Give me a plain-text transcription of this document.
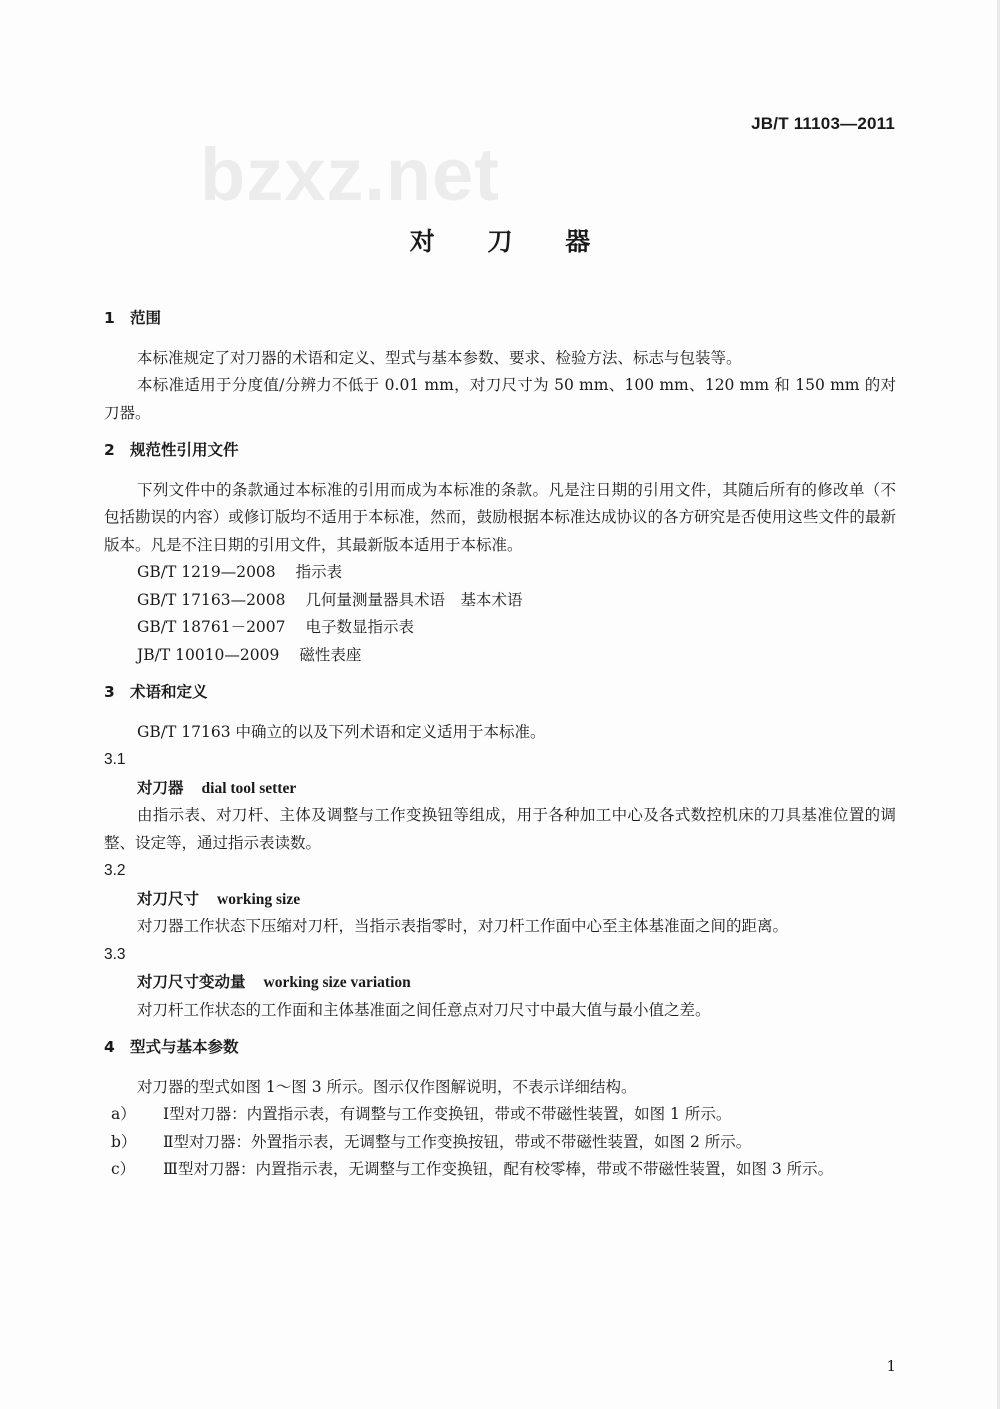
JB/T 11103—2011
bzxz.net
对 刀 器

1 范围

本标准规定了对刀器的术语和定义、型式与基本参数、要求、检验方法、标志与包装等。

本标准适用于分度值/分辨力不低于 0.01 mm，对刀尺寸为 50 mm、100 mm、120 mm 和 150 mm 的对刀器。

2 规范性引用文件

下列文件中的条款通过本标准的引用而成为本标准的条款。凡是注日期的引用文件，其随后所有的修改单（不包括勘误的内容）或修订版均不适用于本标准，然而，鼓励根据本标准达成协议的各方研究是否使用这些文件的最新版本。凡是不注日期的引用文件，其最新版本适用于本标准。

GB/T 1219—2008 指示表

GB/T 17163—2008 几何量测量器具术语　基本术语

GB/T 18761－2007 电子数显指示表

JB/T 10010—2009 磁性表座

3 术语和定义

GB/T 17163 中确立的以及下列术语和定义适用于本标准。

3.1

对刀器 dial tool setter

由指示表、对刀杆、主体及调整与工作变换钮等组成，用于各种加工中心及各式数控机床的刀具基准位置的调整、设定等，通过指示表读数。

3.2

对刀尺寸 working size

对刀器工作状态下压缩对刀杆，当指示表指零时，对刀杆工作面中心至主体基准面之间的距离。

3.3

对刀尺寸变动量 working size variation

对刀杆工作状态的工作面和主体基准面之间任意点对刀尺寸中最大值与最小值之差。

4 型式与基本参数

对刀器的型式如图 1～图 3 所示。图示仅作图解说明，不表示详细结构。

a） Ⅰ型对刀器：内置指示表，有调整与工作变换钮，带或不带磁性装置，如图 1 所示。

b） Ⅱ型对刀器：外置指示表，无调整与工作变换按钮，带或不带磁性装置，如图 2 所示。

c） Ⅲ型对刀器：内置指示表，无调整与工作变换钮，配有校零棒，带或不带磁性装置，如图 3 所示。

1
